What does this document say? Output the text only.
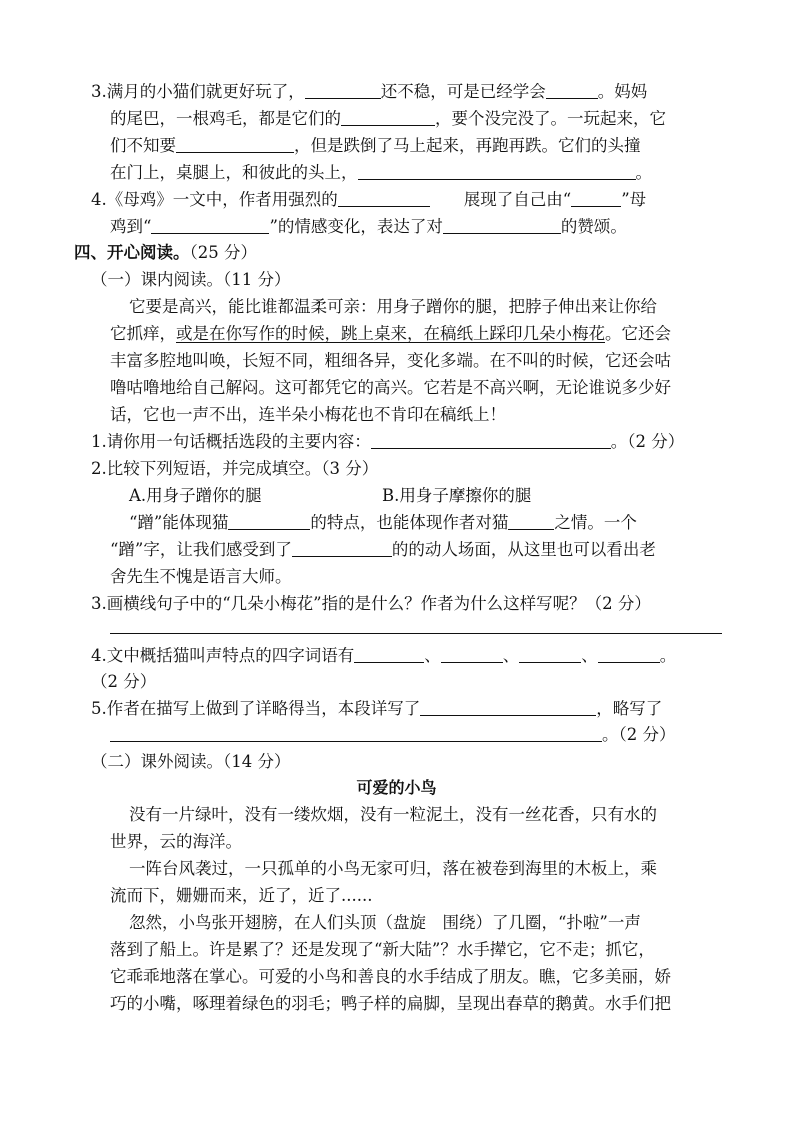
3.满月的小猫们就更好玩了，	还不稳，可是已经学会	。妈妈
的尾巴，一根鸡毛，都是它们的	，要个没完没了。一玩起来，它
们不知要	，但是跌倒了马上起来，再跑再跌。它们的头撞
在门上，桌腿上，和彼此的头上，	。
4.《母鸡》一文中，作者用强烈的	展现了自己由“	”母
鸡到“	”的情感变化，表达了对	的赞颂。
四、开心阅读。（25 分）
（一）课内阅读。（11 分）
它要是高兴，能比谁都温柔可亲：用身子蹭你的腿，把脖子伸出来让你给
它抓痒，或是在你写作的时候，跳上桌来，在稿纸上踩印几朵小梅花。它还会
丰富多腔地叫唤，长短不同，粗细各异，变化多端。在不叫的时候，它还会咕
噜咕噜地给自己解闷。这可都凭它的高兴。它若是不高兴啊，无论谁说多少好
话，它也一声不出，连半朵小梅花也不肯印在稿纸上！
1.请你用一句话概括选段的主要内容：	。（2 分）
2.比较下列短语，并完成填空。（3 分）
A.用身子蹭你的腿	B.用身子摩擦你的腿
“蹭”能体现猫	的特点，也能体现作者对猫	之情。一个
“蹭”字，让我们感受到了	的的动人场面，从这里也可以看出老
舍先生不愧是语言大师。
3.画横线句子中的“几朵小梅花”指的是什么？作者为什么这样写呢？（2 分）
4.文中概括猫叫声特点的四字词语有	、	、	、	。
（2 分）
5.作者在描写上做到了详略得当，本段详写了	，略写了
。（2 分）
（二）课外阅读。（14 分）
可爱的小鸟
没有一片绿叶，没有一缕炊烟，没有一粒泥土，没有一丝花香，只有水的
世界，云的海洋。
一阵台风袭过，一只孤单的小鸟无家可归，落在被卷到海里的木板上，乘
流而下，姗姗而来，近了，近了......
忽然，小鸟张开翅膀，在人们头顶（盘旋　围绕）了几圈，“扑啦”一声
落到了船上。许是累了？还是发现了“新大陆”？水手撵它，它不走；抓它，
它乖乖地落在掌心。可爱的小鸟和善良的水手结成了朋友。瞧，它多美丽，娇
巧的小嘴，啄理着绿色的羽毛；鸭子样的扁脚，呈现出春草的鹅黄。水手们把
